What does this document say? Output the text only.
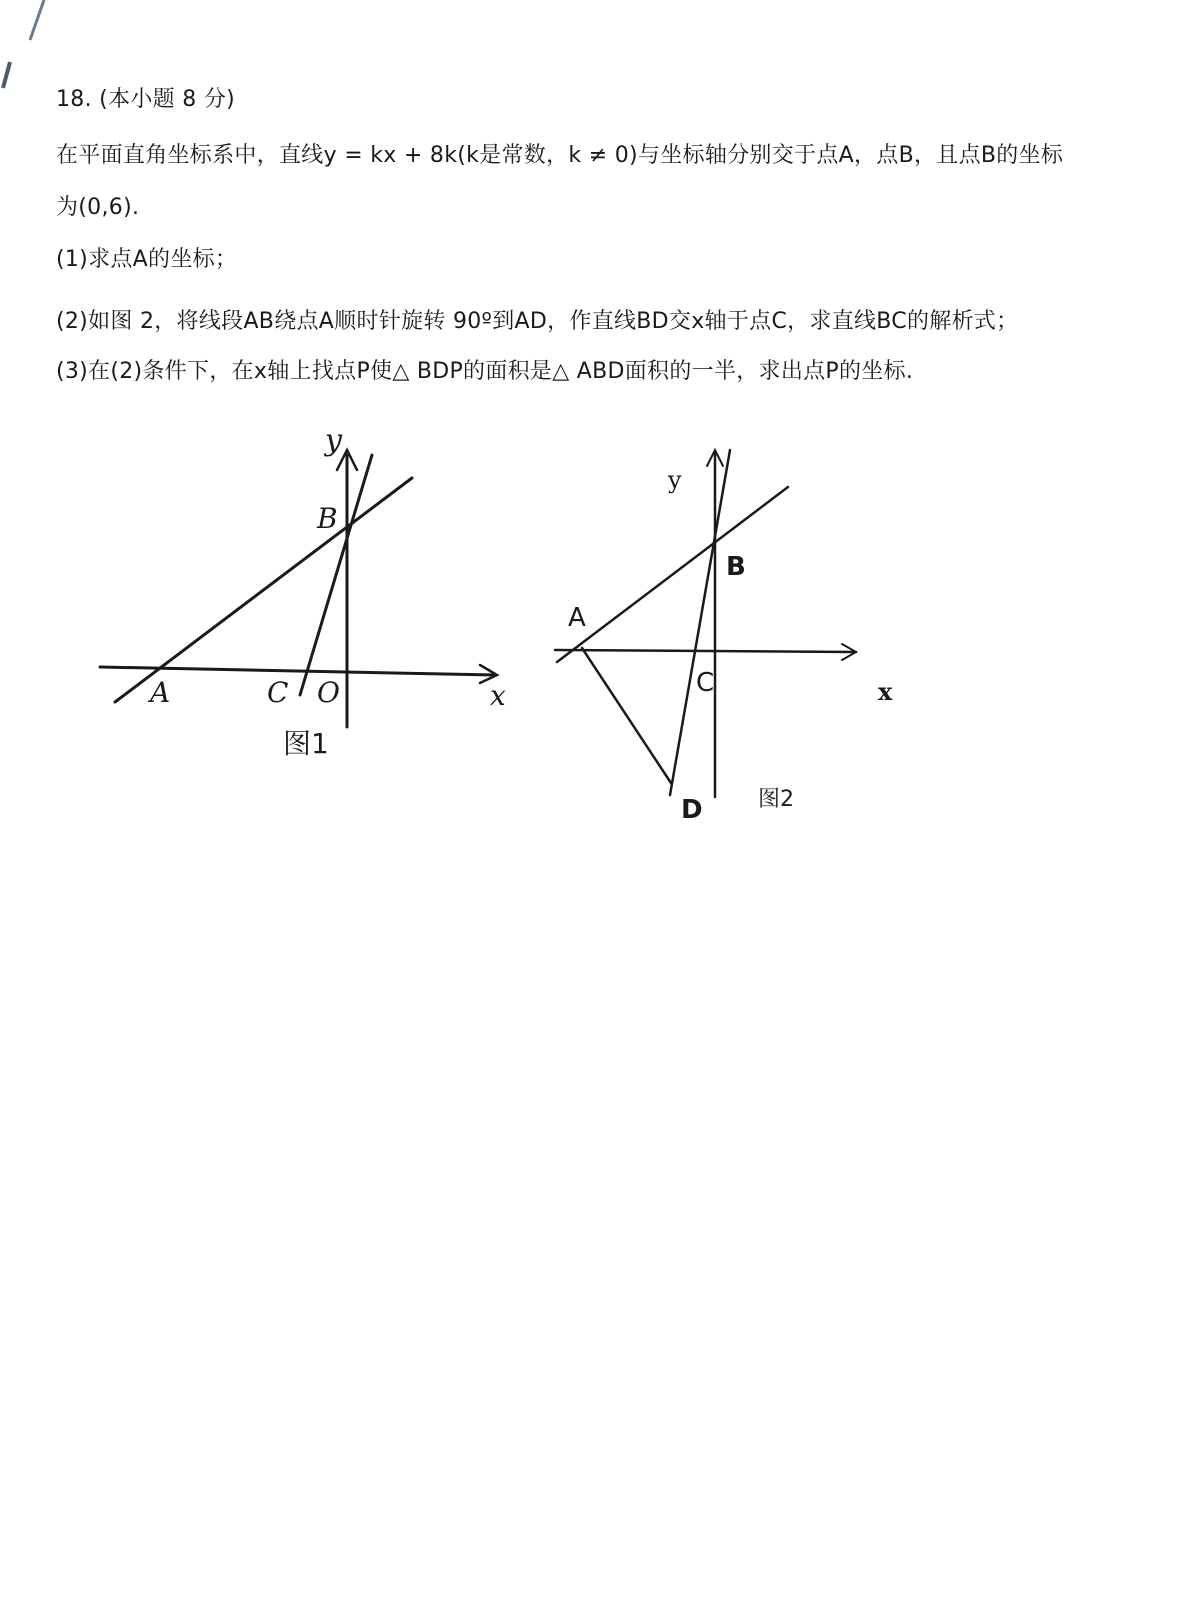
18. (本小题 8 分)
在平面直角坐标系中，直线y = kx + 8k(k是常数，k ≠ 0)与坐标轴分别交于点A，点B，且点B的坐标
为(0,6).
(1)求点A的坐标；
(2)如图 2，将线段AB绕点A顺时针旋转 90º到AD，作直线BD交x轴于点C，求直线BC的解析式；
(3)在(2)条件下，在x轴上找点P使△ BDP的面积是△ ABD面积的一半，求出点P的坐标.
y
x
A
B
C O
图1
y
x
A
B
C
D	图2
